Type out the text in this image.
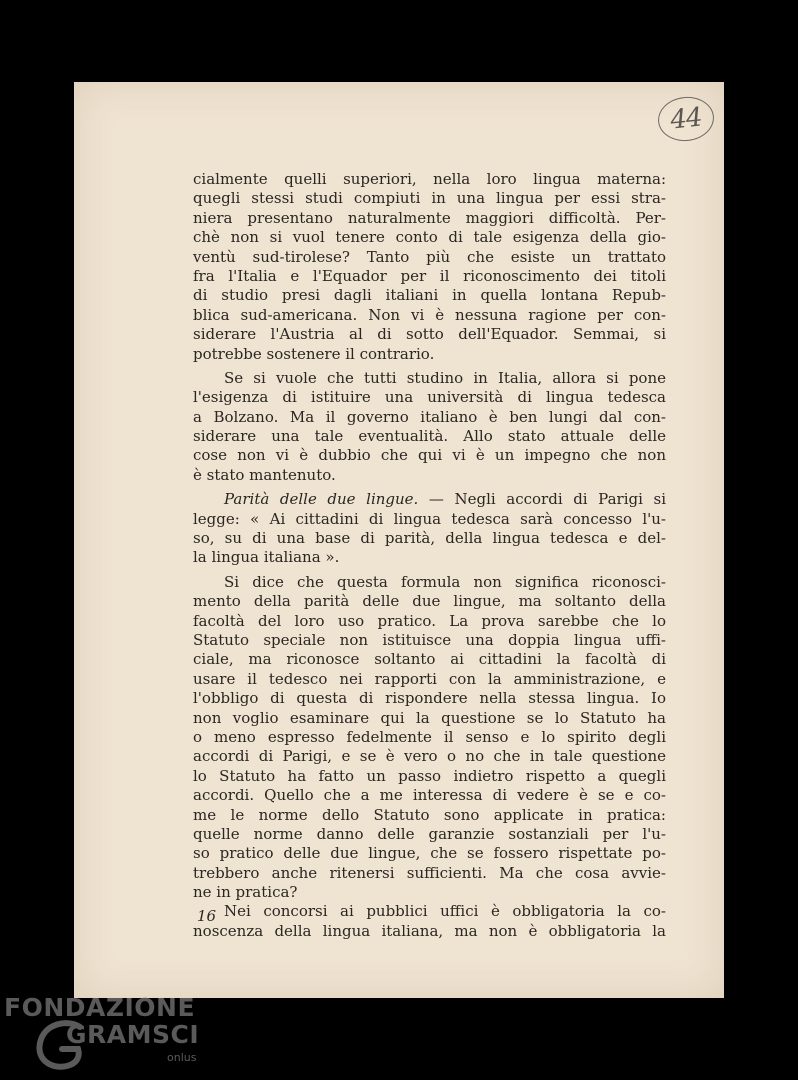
44
cialmente quelli superiori, nella loro lingua materna:
quegli stessi studi compiuti in una lingua per essi stra-
niera presentano naturalmente maggiori difficoltà. Per-
chè non si vuol tenere conto di tale esigenza della gio-
ventù sud-tirolese? Tanto più che esiste un trattato
fra l'Italia e l'Equador per il riconoscimento dei titoli
di studio presi dagli italiani in quella lontana Repub-
blica sud-americana. Non vi è nessuna ragione per con-
siderare l'Austria al di sotto dell'Equador. Semmai, si
potrebbe sostenere il contrario.
Se si vuole che tutti studino in Italia, allora si pone
l'esigenza di istituire una università di lingua tedesca
a Bolzano. Ma il governo italiano è ben lungi dal con-
siderare una tale eventualità. Allo stato attuale delle
cose non vi è dubbio che qui vi è un impegno che non
è stato mantenuto.
Parità delle due lingue. — Negli accordi di Parigi si
legge: « Ai cittadini di lingua tedesca sarà concesso l'u-
so, su di una base di parità, della lingua tedesca e del-
la lingua italiana ».
Si dice che questa formula non significa riconosci-
mento della parità delle due lingue, ma soltanto della
facoltà del loro uso pratico. La prova sarebbe che lo
Statuto speciale non istituisce una doppia lingua uffi-
ciale, ma riconosce soltanto ai cittadini la facoltà di
usare il tedesco nei rapporti con la amministrazione, e
l'obbligo di questa di rispondere nella stessa lingua. Io
non voglio esaminare qui la questione se lo Statuto ha
o meno espresso fedelmente il senso e lo spirito degli
accordi di Parigi, e se è vero o no che in tale questione
lo Statuto ha fatto un passo indietro rispetto a quegli
accordi. Quello che a me interessa di vedere è se e co-
me le norme dello Statuto sono applicate in pratica:
quelle norme danno delle garanzie sostanziali per l'u-
so pratico delle due lingue, che se fossero rispettate po-
trebbero anche ritenersi sufficienti. Ma che cosa avvie-
ne in pratica?
Nei concorsi ai pubblici uffici è obbligatoria la co-
noscenza della lingua italiana, ma non è obbligatoria la
16
FONDAZIONE
GRAMSCI
onlus
